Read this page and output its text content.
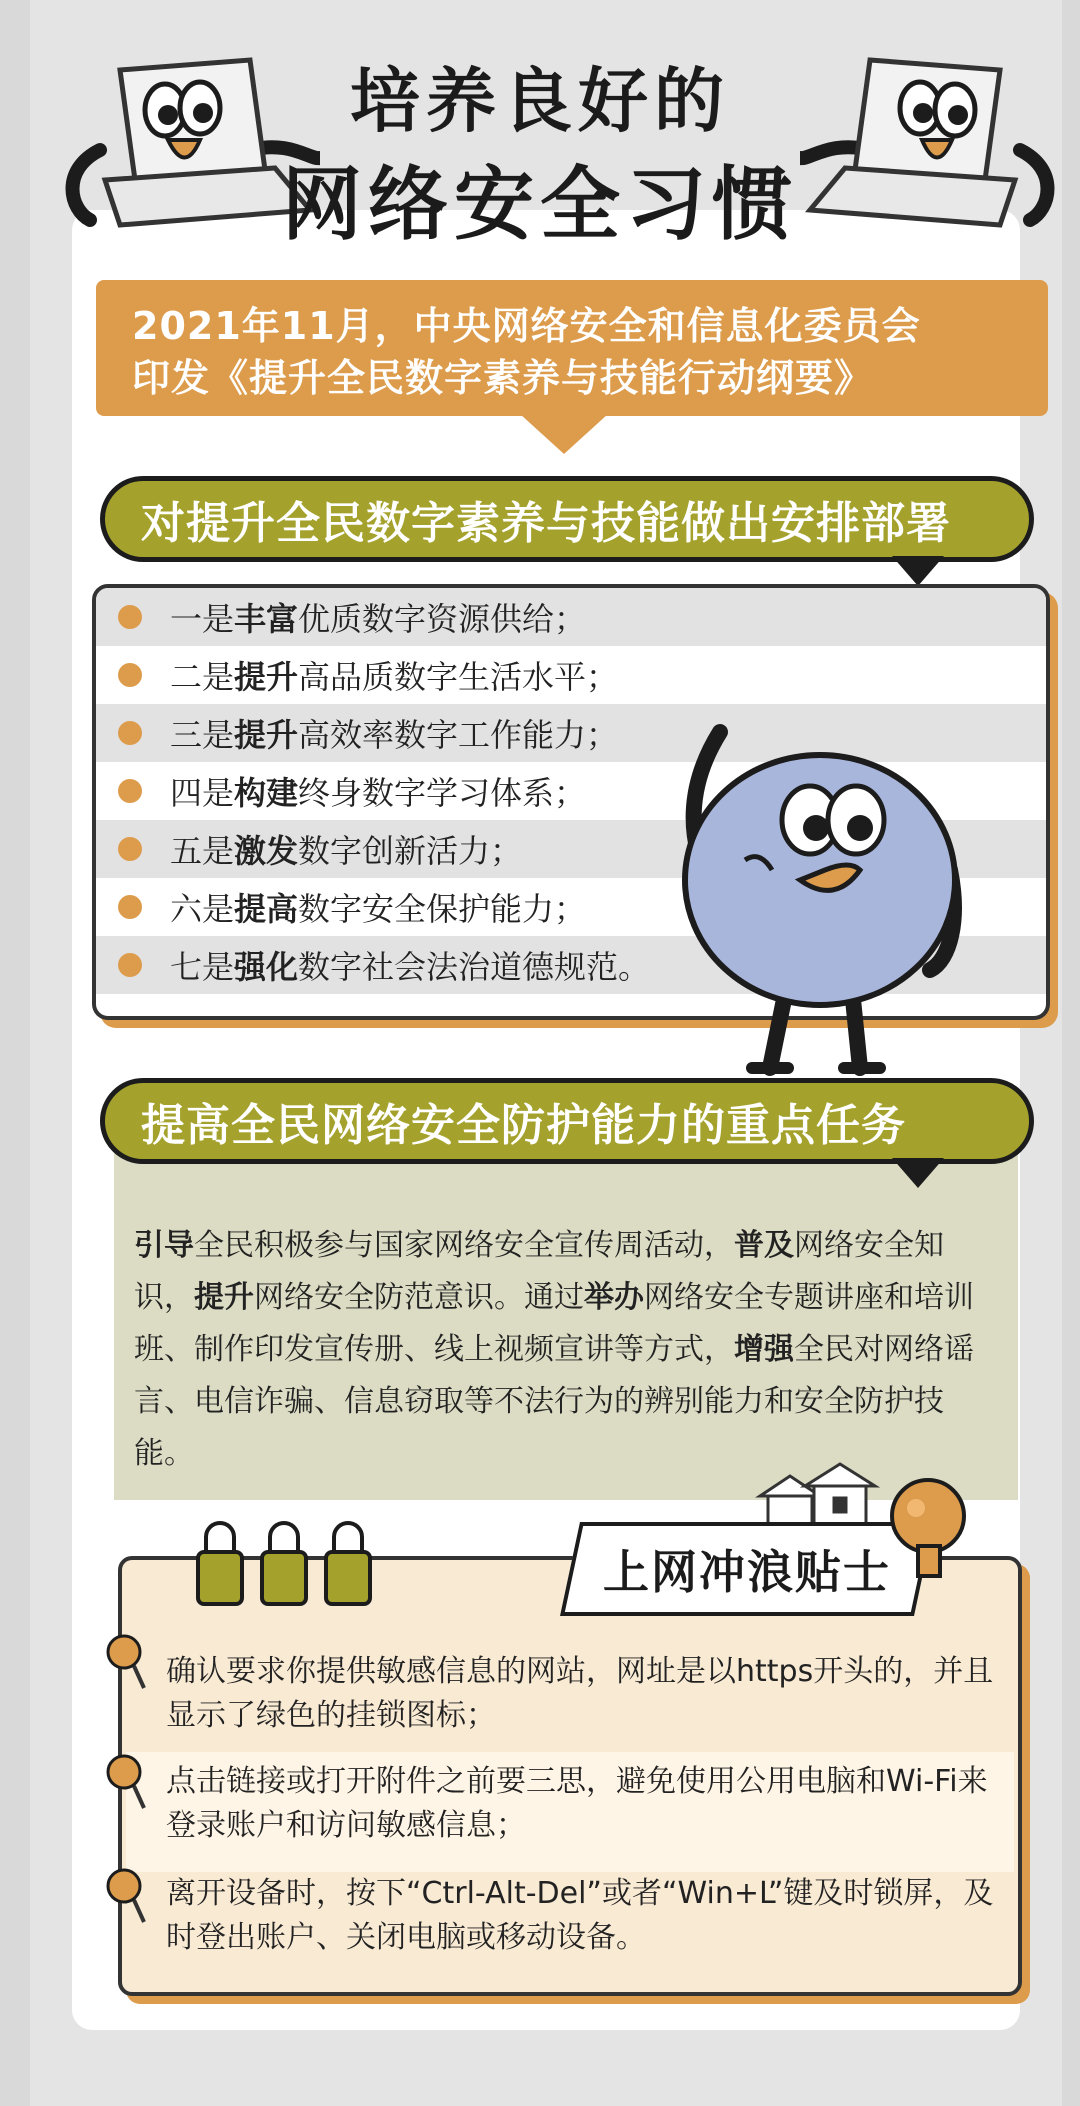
培养良好的
网络安全习惯
2021年11月，中央网络安全和信息化委员会
印发《提升全民数字素养与技能行动纲要》
对提升全民数字素养与技能做出安排部署
一是丰富优质数字资源供给；
二是提升高品质数字生活水平；
三是提升高效率数字工作能力；
四是构建终身数字学习体系；
五是激发数字创新活力；
六是提高数字安全保护能力；
七是强化数字社会法治道德规范。

引导全民积极参与国家网络安全宣传周活动，普及网络安全知识，提升网络安全防范意识。通过举办网络安全专题讲座和培训班、制作印发宣传册、线上视频宣讲等方式，增强全民对网络谣言、电信诈骗、信息窃取等不法行为的辨别能力和安全防护技能。

提高全民网络安全防护能力的重点任务
上网冲浪贴士
确认要求你提供敏感信息的网站，网址是以https开头的，并且显示了绿色的挂锁图标；
点击链接或打开附件之前要三思，避免使用公用电脑和Wi-Fi来登录账户和访问敏感信息；
离开设备时，按下“Ctrl-Alt-Del”或者“Win+L”键及时锁屏，及时登出账户、关闭电脑或移动设备。
